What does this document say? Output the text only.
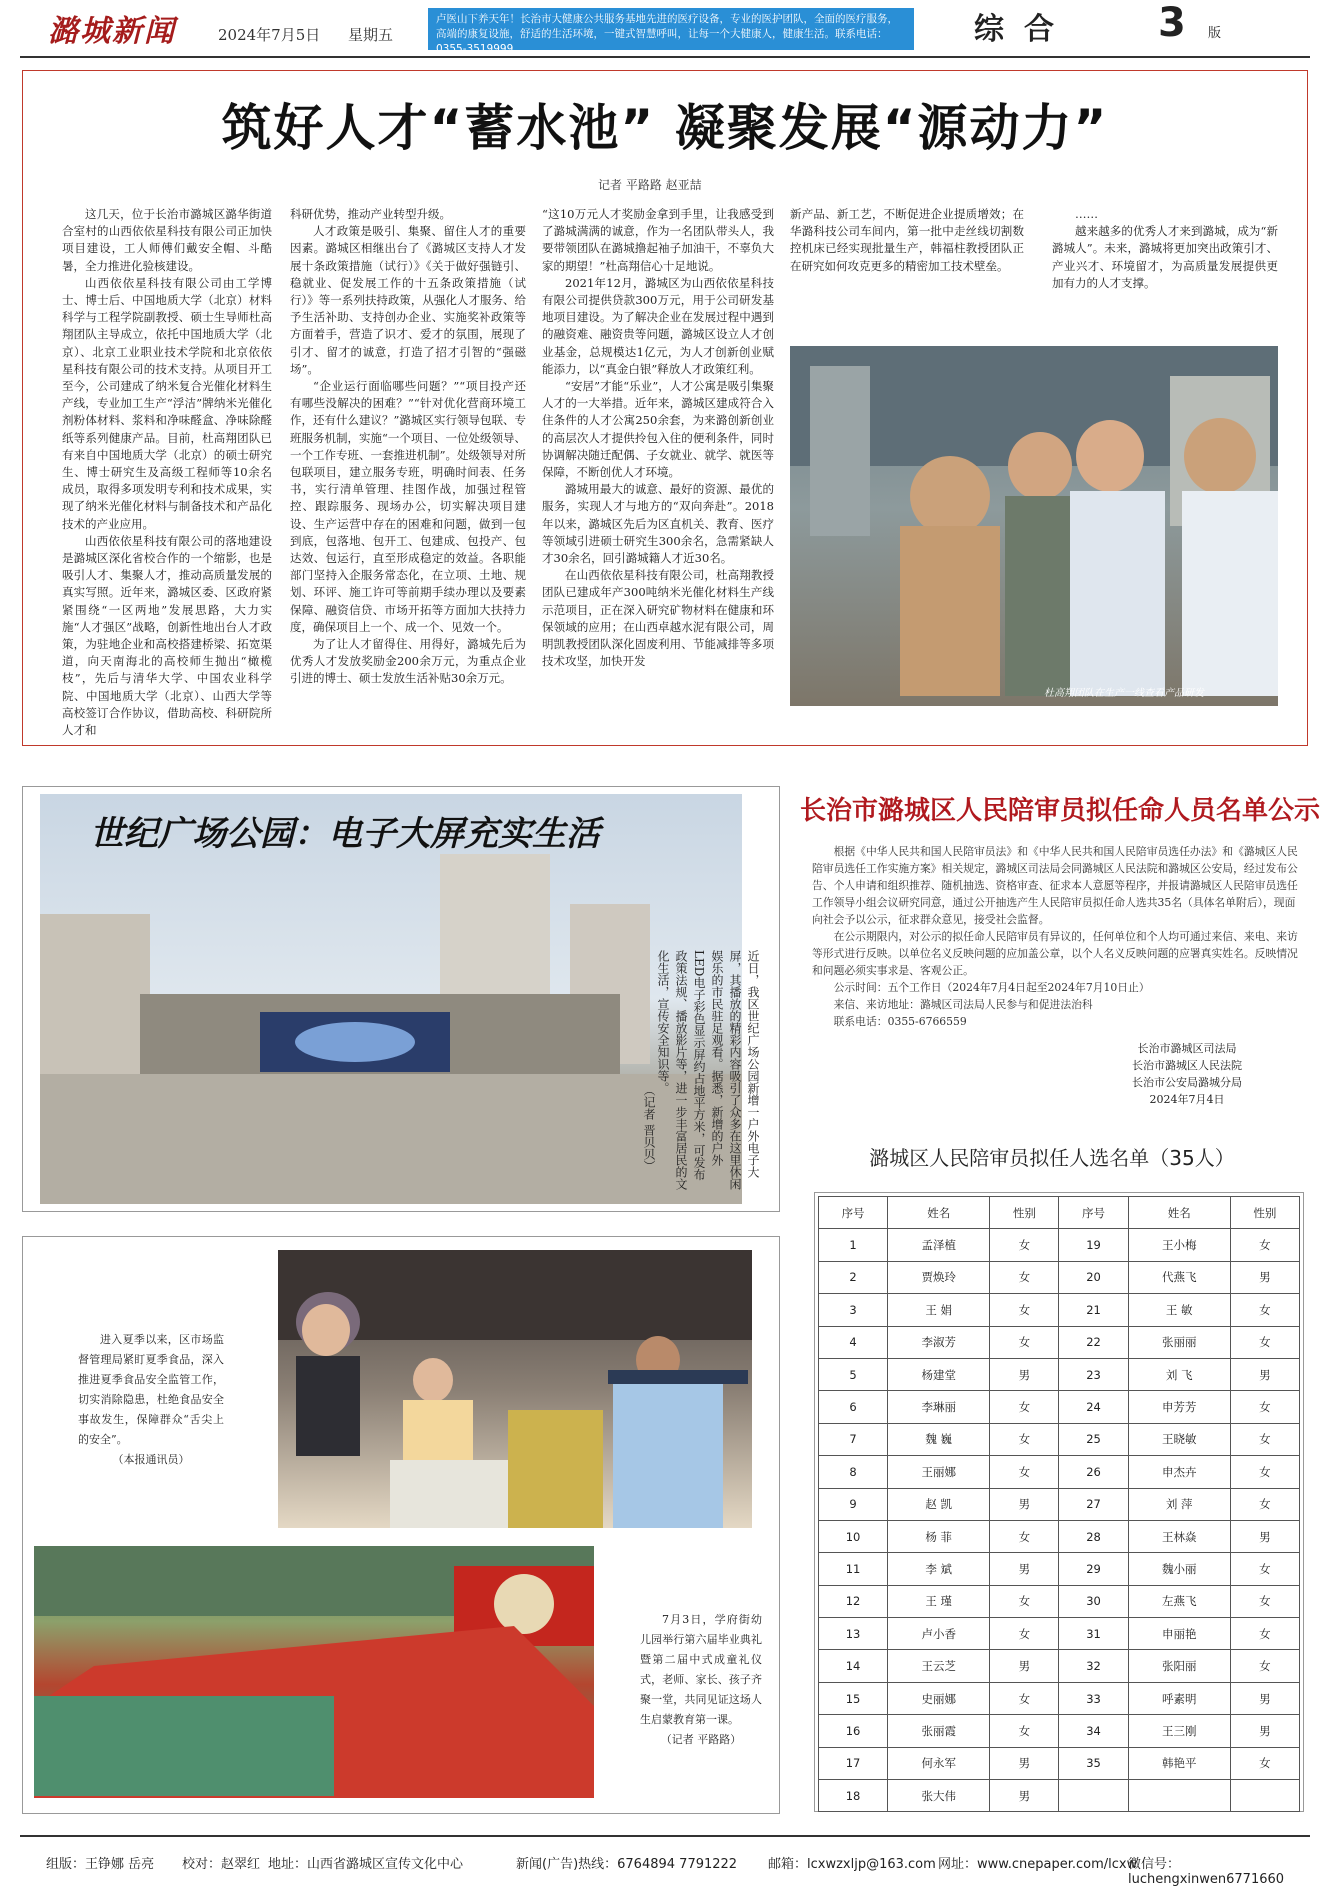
潞城新闻	2024年7月5日 星期五
卢医山下养天年！长治市大健康公共服务基地先进的医疗设备，专业的医护团队，全面的医疗服务，高端的康复设施，舒适的生活环境，一键式智慧呼叫，让每一个大健康人，健康生活。联系电话：0355-3519999
综合 3 版
筑好人才“蓄水池” 凝聚发展“源动力”
记者 平路路 赵亚喆

这几天，位于长治市潞城区潞华街道合室村的山西依依星科技有限公司正加快项目建设，工人师傅们戴安全帽、斗酷暑，全力推进化验核建设。

山西依依星科技有限公司由工学博士、博士后、中国地质大学（北京）材料科学与工程学院副教授、硕士生导师杜高翔团队主导成立，依托中国地质大学（北京）、北京工业职业技术学院和北京依依星科技有限公司的技术支持。从项目开工至今，公司建成了纳米复合光催化材料生产线，专业加工生产“浮洁”牌纳米光催化剂粉体材料、浆料和净味醛盒、净味除醛纸等系列健康产品。目前，杜高翔团队已有来自中国地质大学（北京）的硕士研究生、博士研究生及高级工程师等10余名成员，取得多项发明专利和技术成果，实现了纳米光催化材料与制备技术和产品化技术的产业应用。

山西依依星科技有限公司的落地建设是潞城区深化省校合作的一个缩影，也是吸引人才、集聚人才，推动高质量发展的真实写照。近年来，潞城区委、区政府紧紧围绕“一区两地”发展思路，大力实施“人才强区”战略，创新性地出台人才政策，为驻地企业和高校搭建桥梁、拓宽渠道，向天南海北的高校师生抛出“橄榄枝”，先后与清华大学、中国农业科学院、中国地质大学（北京）、山西大学等高校签订合作协议，借助高校、科研院所人才和

科研优势，推动产业转型升级。

人才政策是吸引、集聚、留住人才的重要因素。潞城区相继出台了《潞城区支持人才发展十条政策措施（试行）》《关于做好强链引、稳就业、促发展工作的十五条政策措施（试行）》等一系列扶持政策，从强化人才服务、给予生活补助、支持创办企业、实施奖补政策等方面着手，营造了识才、爱才的氛围，展现了引才、留才的诚意，打造了招才引智的“强磁场”。

“企业运行面临哪些问题？”“项目投产还有哪些没解决的困难？”“针对优化营商环境工作，还有什么建议？”潞城区实行领导包联、专班服务机制，实施“一个项目、一位处级领导、一个工作专班、一套推进机制”。处级领导对所包联项目，建立服务专班，明确时间表、任务书，实行清单管理、挂图作战，加强过程管控、跟踪服务、现场办公，切实解决项目建设、生产运营中存在的困难和问题，做到一包到底，包落地、包开工、包建成、包投产、包达效、包运行，直至形成稳定的效益。各职能部门坚持入企服务常态化，在立项、土地、规划、环评、施工许可等前期手续办理以及要素保障、融资信贷、市场开拓等方面加大扶持力度，确保项目上一个、成一个、见效一个。

为了让人才留得住、用得好，潞城先后为优秀人才发放奖励金200余万元，为重点企业引进的博士、硕士发放生活补贴30余万元。

“这10万元人才奖励金拿到手里，让我感受到了潞城满满的诚意，作为一名团队带头人，我要带领团队在潞城撸起袖子加油干，不辜负大家的期望！”杜高翔信心十足地说。

2021年12月，潞城区为山西依依星科技有限公司提供贷款300万元，用于公司研发基地项目建设。为了解决企业在发展过程中遇到的融资难、融资贵等问题，潞城区设立人才创业基金，总规模达1亿元，为人才创新创业赋能添力，以“真金白银”释放人才政策红利。

“安居”才能“乐业”，人才公寓是吸引集聚人才的一大举措。近年来，潞城区建成符合入住条件的人才公寓250余套，为来潞创新创业的高层次人才提供拎包入住的便利条件，同时协调解决随迁配偶、子女就业、就学、就医等保障，不断创优人才环境。

潞城用最大的诚意、最好的资源、最优的服务，实现人才与地方的“双向奔赴”。2018年以来，潞城区先后为区直机关、教育、医疗等领域引进硕士研究生300余名，急需紧缺人才30余名，回引潞城籍人才近30名。

在山西依依星科技有限公司，杜高翔教授团队已建成年产300吨纳米光催化材料生产线示范项目，正在深入研究矿物材料在健康和环保领域的应用；在山西卓越水泥有限公司，周明凯教授团队深化固废利用、节能减排等多项技术攻坚，加快开发

新产品、新工艺，不断促进企业提质增效；在华潞科技公司车间内，第一批中走丝线切割数控机床已经实现批量生产，韩福柱教授团队正在研究如何攻克更多的精密加工技术壁垒。

……

越来越多的优秀人才来到潞城，成为“新潞城人”。未来，潞城将更加突出政策引才、产业兴才、环境留才，为高质量发展提供更加有力的人才支撑。

杜高翔团队在生产一线查看产品研发
世纪广场公园：电子大屏充实生活
近日，我区世纪广场公园新增一户外电子大屏，其播放的精彩内容吸引了众多在这里休闲娱乐的市民驻足观看。据悉，新增的户外LED电子彩色显示屏约占地平方米，可发布政策法规、播放影片等，进一步丰富居民的文化生活，宣传安全知识等。
（记者 晋贝贝）

进入夏季以来，区市场监督管理局紧盯夏季食品，深入推进夏季食品安全监管工作，切实消除隐患，杜绝食品安全事故发生，保障群众“舌尖上的安全”。

（本报通讯员）

7月3日，学府街幼儿园举行第六届毕业典礼暨第二届中式成童礼仪式，老师、家长、孩子齐聚一堂，共同见证这场人生启蒙教育第一课。

（记者 平路路）

长治市潞城区人民陪审员拟任命人员名单公示

根据《中华人民共和国人民陪审员法》和《中华人民共和国人民陪审员选任办法》和《潞城区人民陪审员选任工作实施方案》相关规定，潞城区司法局会同潞城区人民法院和潞城区公安局，经过发布公告、个人申请和组织推荐、随机抽选、资格审查、征求本人意愿等程序，并报请潞城区人民陪审员选任工作领导小组会议研究同意，通过公开抽选产生人民陪审员拟任命人选共35名（具体名单附后），现面向社会予以公示，征求群众意见，接受社会监督。

在公示期限内，对公示的拟任命人民陪审员有异议的，任何单位和个人均可通过来信、来电、来访等形式进行反映。以单位名义反映问题的应加盖公章，以个人名义反映问题的应署真实姓名。反映情况和问题必须实事求是、客观公正。

公示时间：五个工作日（2024年7月4日起至2024年7月10日止）

来信、来访地址：潞城区司法局人民参与和促进法治科

联系电话：0355-6766559

长治市潞城区司法局
长治市潞城区人民法院
长治市公安局潞城分局
2024年7月4日
潞城区人民陪审员拟任人选名单（35人）
序号	姓名	性别	序号	姓名	性别
1	孟泽植	女	19	王小梅	女
2	贾焕玲	女	20	代燕飞	男
3	王 娟	女	21	王 敏	女
4	李淑芳	女	22	张丽丽	女
5	杨建堂	男	23	刘 飞	男
6	李琳丽	女	24	申芳芳	女
7	魏 巍	女	25	王晓敏	女
8	王丽娜	女	26	申杰卉	女
9	赵 凯	男	27	刘 萍	女
10	杨 菲	女	28	王林焱	男
11	李 斌	男	29	魏小丽	女
12	王 瑾	女	30	左燕飞	女
13	卢小香	女	31	申丽艳	女
14	王云芝	男	32	张阳丽	女
15	史丽娜	女	33	呼素明	男
16	张丽霞	女	34	王三刚	男
17	何永军	男	35	韩艳平	女
18	张大伟	男			
组版：王铮娜 岳亮 校对：赵翠红 地址：山西省潞城区宣传文化中心	新闻(广告)热线：6764894 7791222 邮箱：lcxwzxljp@163.com 网址：www.cnepaper.com/lcxw
微信号：luchengxinwen6771660
